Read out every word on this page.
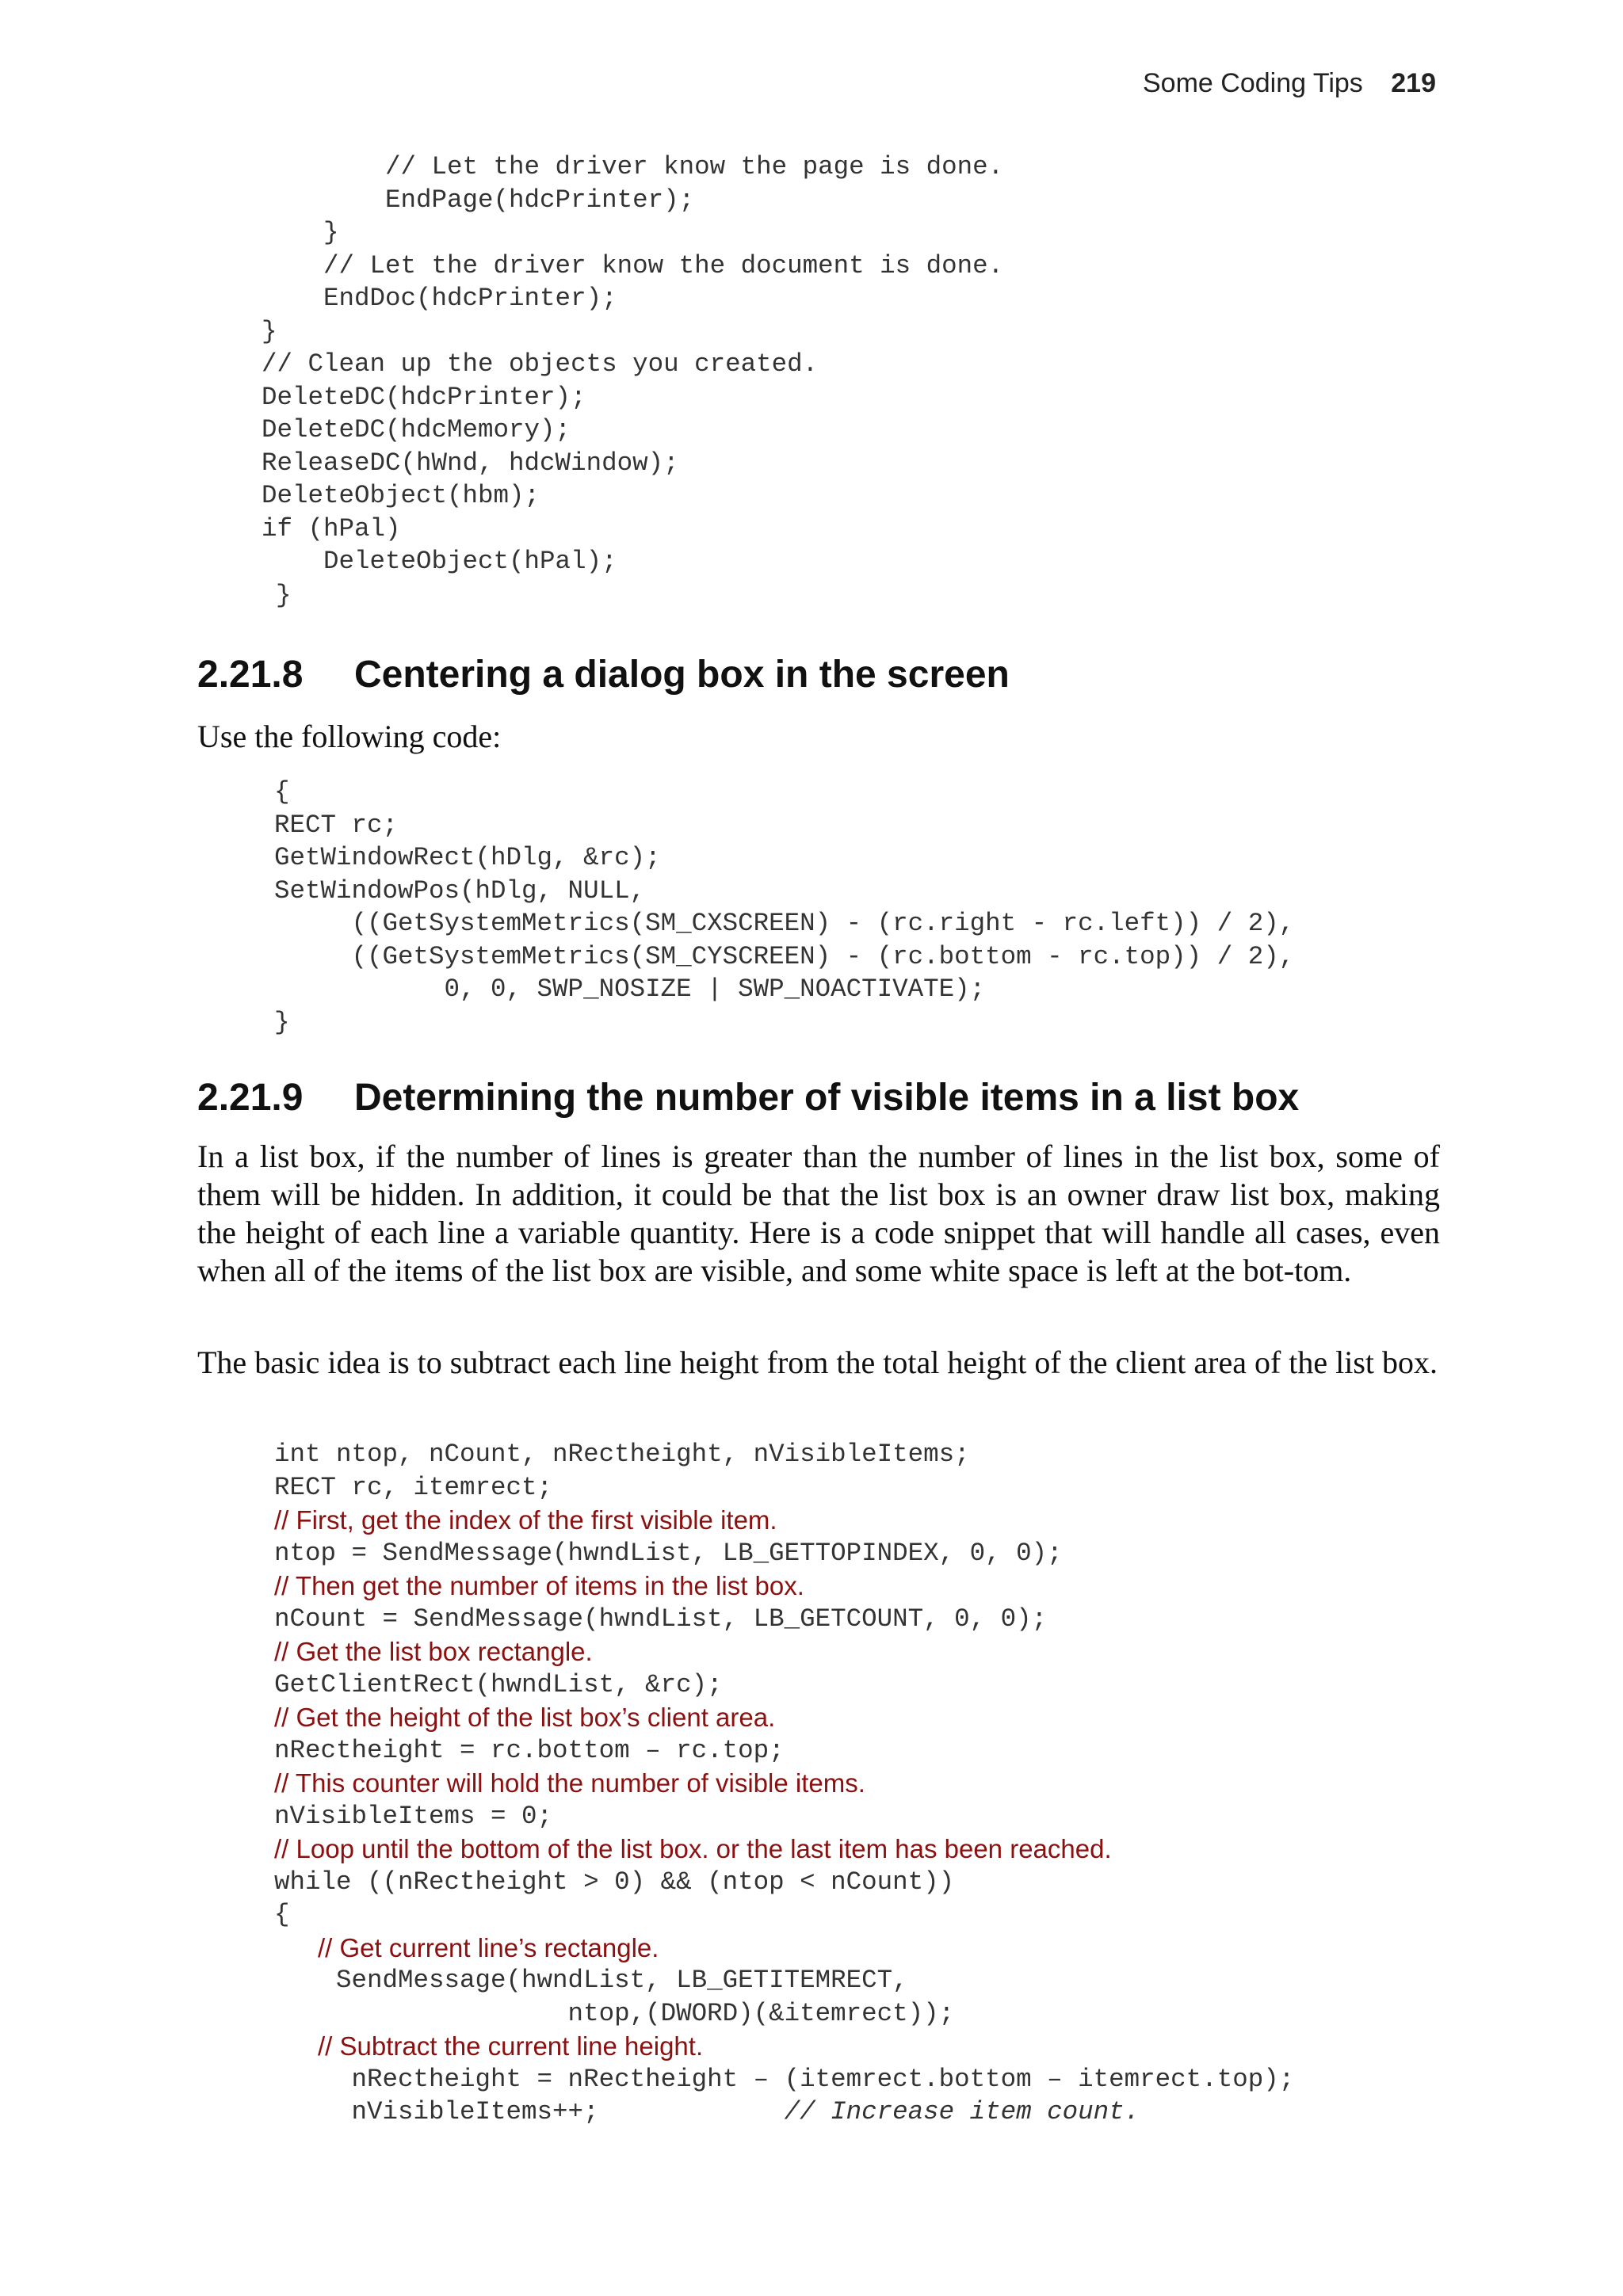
Some Coding Tips 219
// Let the driver know the page is done.
EndPage(hdcPrinter);
}
// Let the driver know the document is done.
EndDoc(hdcPrinter);
}
// Clean up the objects you created.
DeleteDC(hdcPrinter);
DeleteDC(hdcMemory);
ReleaseDC(hWnd, hdcWindow);
DeleteObject(hbm);
if (hPal)
DeleteObject(hPal);
}
2.21.8 Centering a dialog box in the screen

Use the following code:

{
RECT rc;
GetWindowRect(hDlg, &rc);
SetWindowPos(hDlg, NULL,
((GetSystemMetrics(SM_CXSCREEN) - (rc.right - rc.left)) / 2),
((GetSystemMetrics(SM_CYSCREEN) - (rc.bottom - rc.top)) / 2),
0, 0, SWP_NOSIZE | SWP_NOACTIVATE);
}
2.21.9 Determining the number of visible items in a list box

In a list box, if the number of lines is greater than the number of lines in the list box, some of them will be hidden. In addition, it could be that the list box is an owner draw list box, making the height of each line a variable quantity. Here is a code snippet that will handle all cases, even when all of the items of the list box are visible, and some white space is left at the bot-tom.

The basic idea is to subtract each line height from the total height of the client area of the list box.

int ntop, nCount, nRectheight, nVisibleItems;
RECT rc, itemrect;
// First, get the index of the first visible item.
ntop = SendMessage(hwndList, LB_GETTOPINDEX, 0, 0);
// Then get the number of items in the list box.
nCount = SendMessage(hwndList, LB_GETCOUNT, 0, 0);
// Get the list box rectangle.
GetClientRect(hwndList, &rc);
// Get the height of the list box’s client area.
nRectheight = rc.bottom – rc.top;
// This counter will hold the number of visible items.
nVisibleItems = 0;
// Loop until the bottom of the list box. or the last item has been reached.
while ((nRectheight > 0) && (ntop < nCount))
{
// Get current line’s rectangle.
SendMessage(hwndList, LB_GETITEMRECT,
ntop,(DWORD)(&itemrect));
// Subtract the current line height.
nRectheight = nRectheight – (itemrect.bottom – itemrect.top);
nVisibleItems++;            // Increase item count.
